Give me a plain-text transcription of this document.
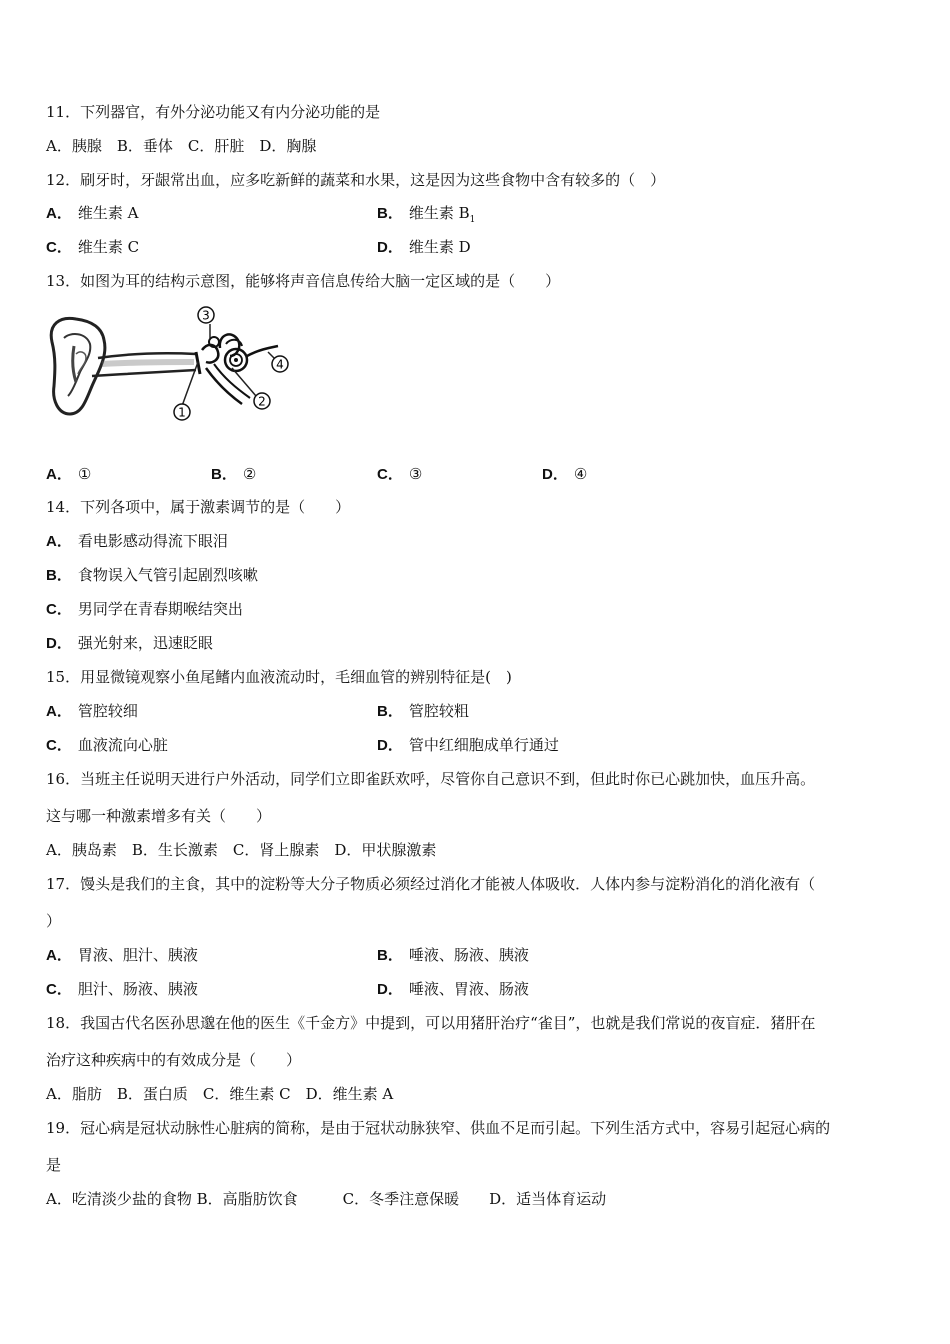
11．下列器官，有外分泌功能又有内分泌功能的是
A．胰腺　B．垂体　C．肝脏　D．胸腺
12．刷牙时，牙龈常出血，应多吃新鲜的蔬菜和水果，这是因为这些食物中含有较多的（　）
A． 维生素 A	B． 维生素 $B_1$
C． 维生素 C	D． 维生素 D
13．如图为耳的结构示意图，能够将声音信息传给大脑一定区域的是（　　）
1
2
3
4
A． ①	B． ②	C． ③	D． ④
14．下列各项中，属于激素调节的是（　　）
A． 看电影感动得流下眼泪
B． 食物误入气管引起剧烈咳嗽
C． 男同学在青春期喉结突出
D． 强光射来，迅速眨眼
15．用显微镜观察小鱼尾鳍内血液流动时，毛细血管的辨别特征是(　)
A． 管腔较细	B． 管腔较粗
C． 血液流向心脏	D． 管中红细胞成单行通过
16．当班主任说明天进行户外活动，同学们立即雀跃欢呼，尽管你自己意识不到，但此时你已心跳加快，血压升高。
这与哪一种激素增多有关（　　）
A．胰岛素　B．生长激素　C．肾上腺素　D．甲状腺激素
17．馒头是我们的主食，其中的淀粉等大分子物质必须经过消化才能被人体吸收．人体内参与淀粉消化的消化液有（
）
A． 胃液、胆汁、胰液	B． 唾液、肠液、胰液
C． 胆汁、肠液、胰液	D． 唾液、胃液、肠液
18．我国古代名医孙思邈在他的医生《千金方》中提到，可以用猪肝治疗“雀目”，也就是我们常说的夜盲症．猪肝在
治疗这种疾病中的有效成分是（　　）
A．脂肪　B．蛋白质　C．维生素 C　D．维生素 A
19．冠心病是冠状动脉性心脏病的简称，是由于冠状动脉狭窄、供血不足而引起。下列生活方式中，容易引起冠心病的
是
A．吃清淡少盐的食物 B．高脂肪饮食　　　C．冬季注意保暖　　D．适当体育运动
